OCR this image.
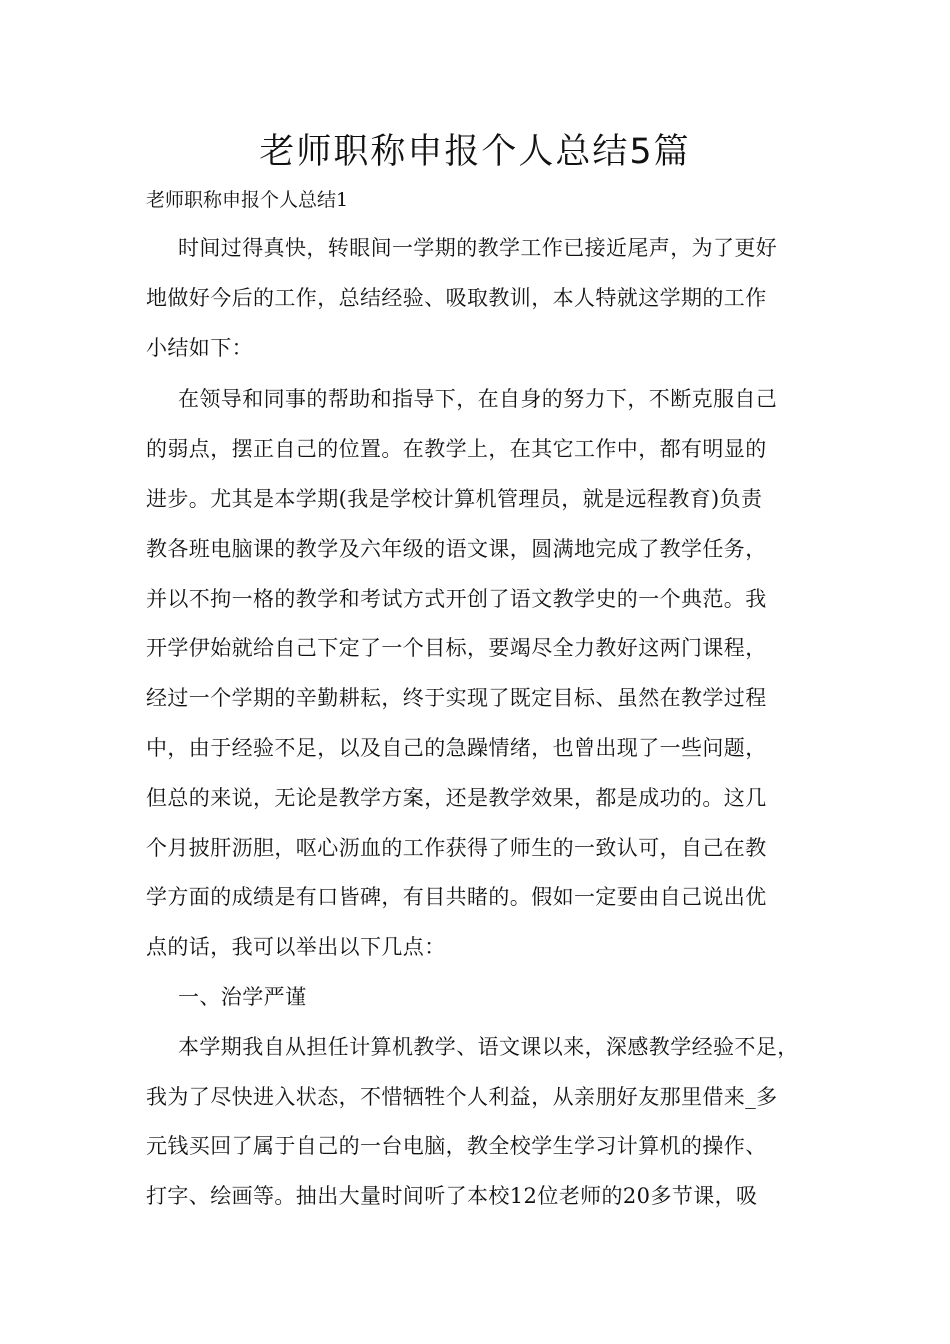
老师职称申报个人总结5篇
老师职称申报个人总结1
时间过得真快，转眼间一学期的教学工作已接近尾声，为了更好
地做好今后的工作，总结经验、吸取教训，本人特就这学期的工作
小结如下：
在领导和同事的帮助和指导下，在自身的努力下，不断克服自己
的弱点，摆正自己的位置。在教学上，在其它工作中，都有明显的
进步。尤其是本学期(我是学校计算机管理员，就是远程教育)负责
教各班电脑课的教学及六年级的语文课，圆满地完成了教学任务，
并以不拘一格的教学和考试方式开创了语文教学史的一个典范。我
开学伊始就给自己下定了一个目标，要竭尽全力教好这两门课程，
经过一个学期的辛勤耕耘，终于实现了既定目标、虽然在教学过程
中，由于经验不足，以及自己的急躁情绪，也曾出现了一些问题，
但总的来说，无论是教学方案，还是教学效果，都是成功的。这几
个月披肝沥胆，呕心沥血的工作获得了师生的一致认可，自己在教
学方面的成绩是有口皆碑，有目共睹的。假如一定要由自己说出优
点的话，我可以举出以下几点：
一、治学严谨
本学期我自从担任计算机教学、语文课以来，深感教学经验不足，
我为了尽快进入状态，不惜牺牲个人利益，从亲朋好友那里借来_多
元钱买回了属于自己的一台电脑，教全校学生学习计算机的操作、
打字、绘画等。抽出大量时间听了本校12位老师的20多节课，吸
